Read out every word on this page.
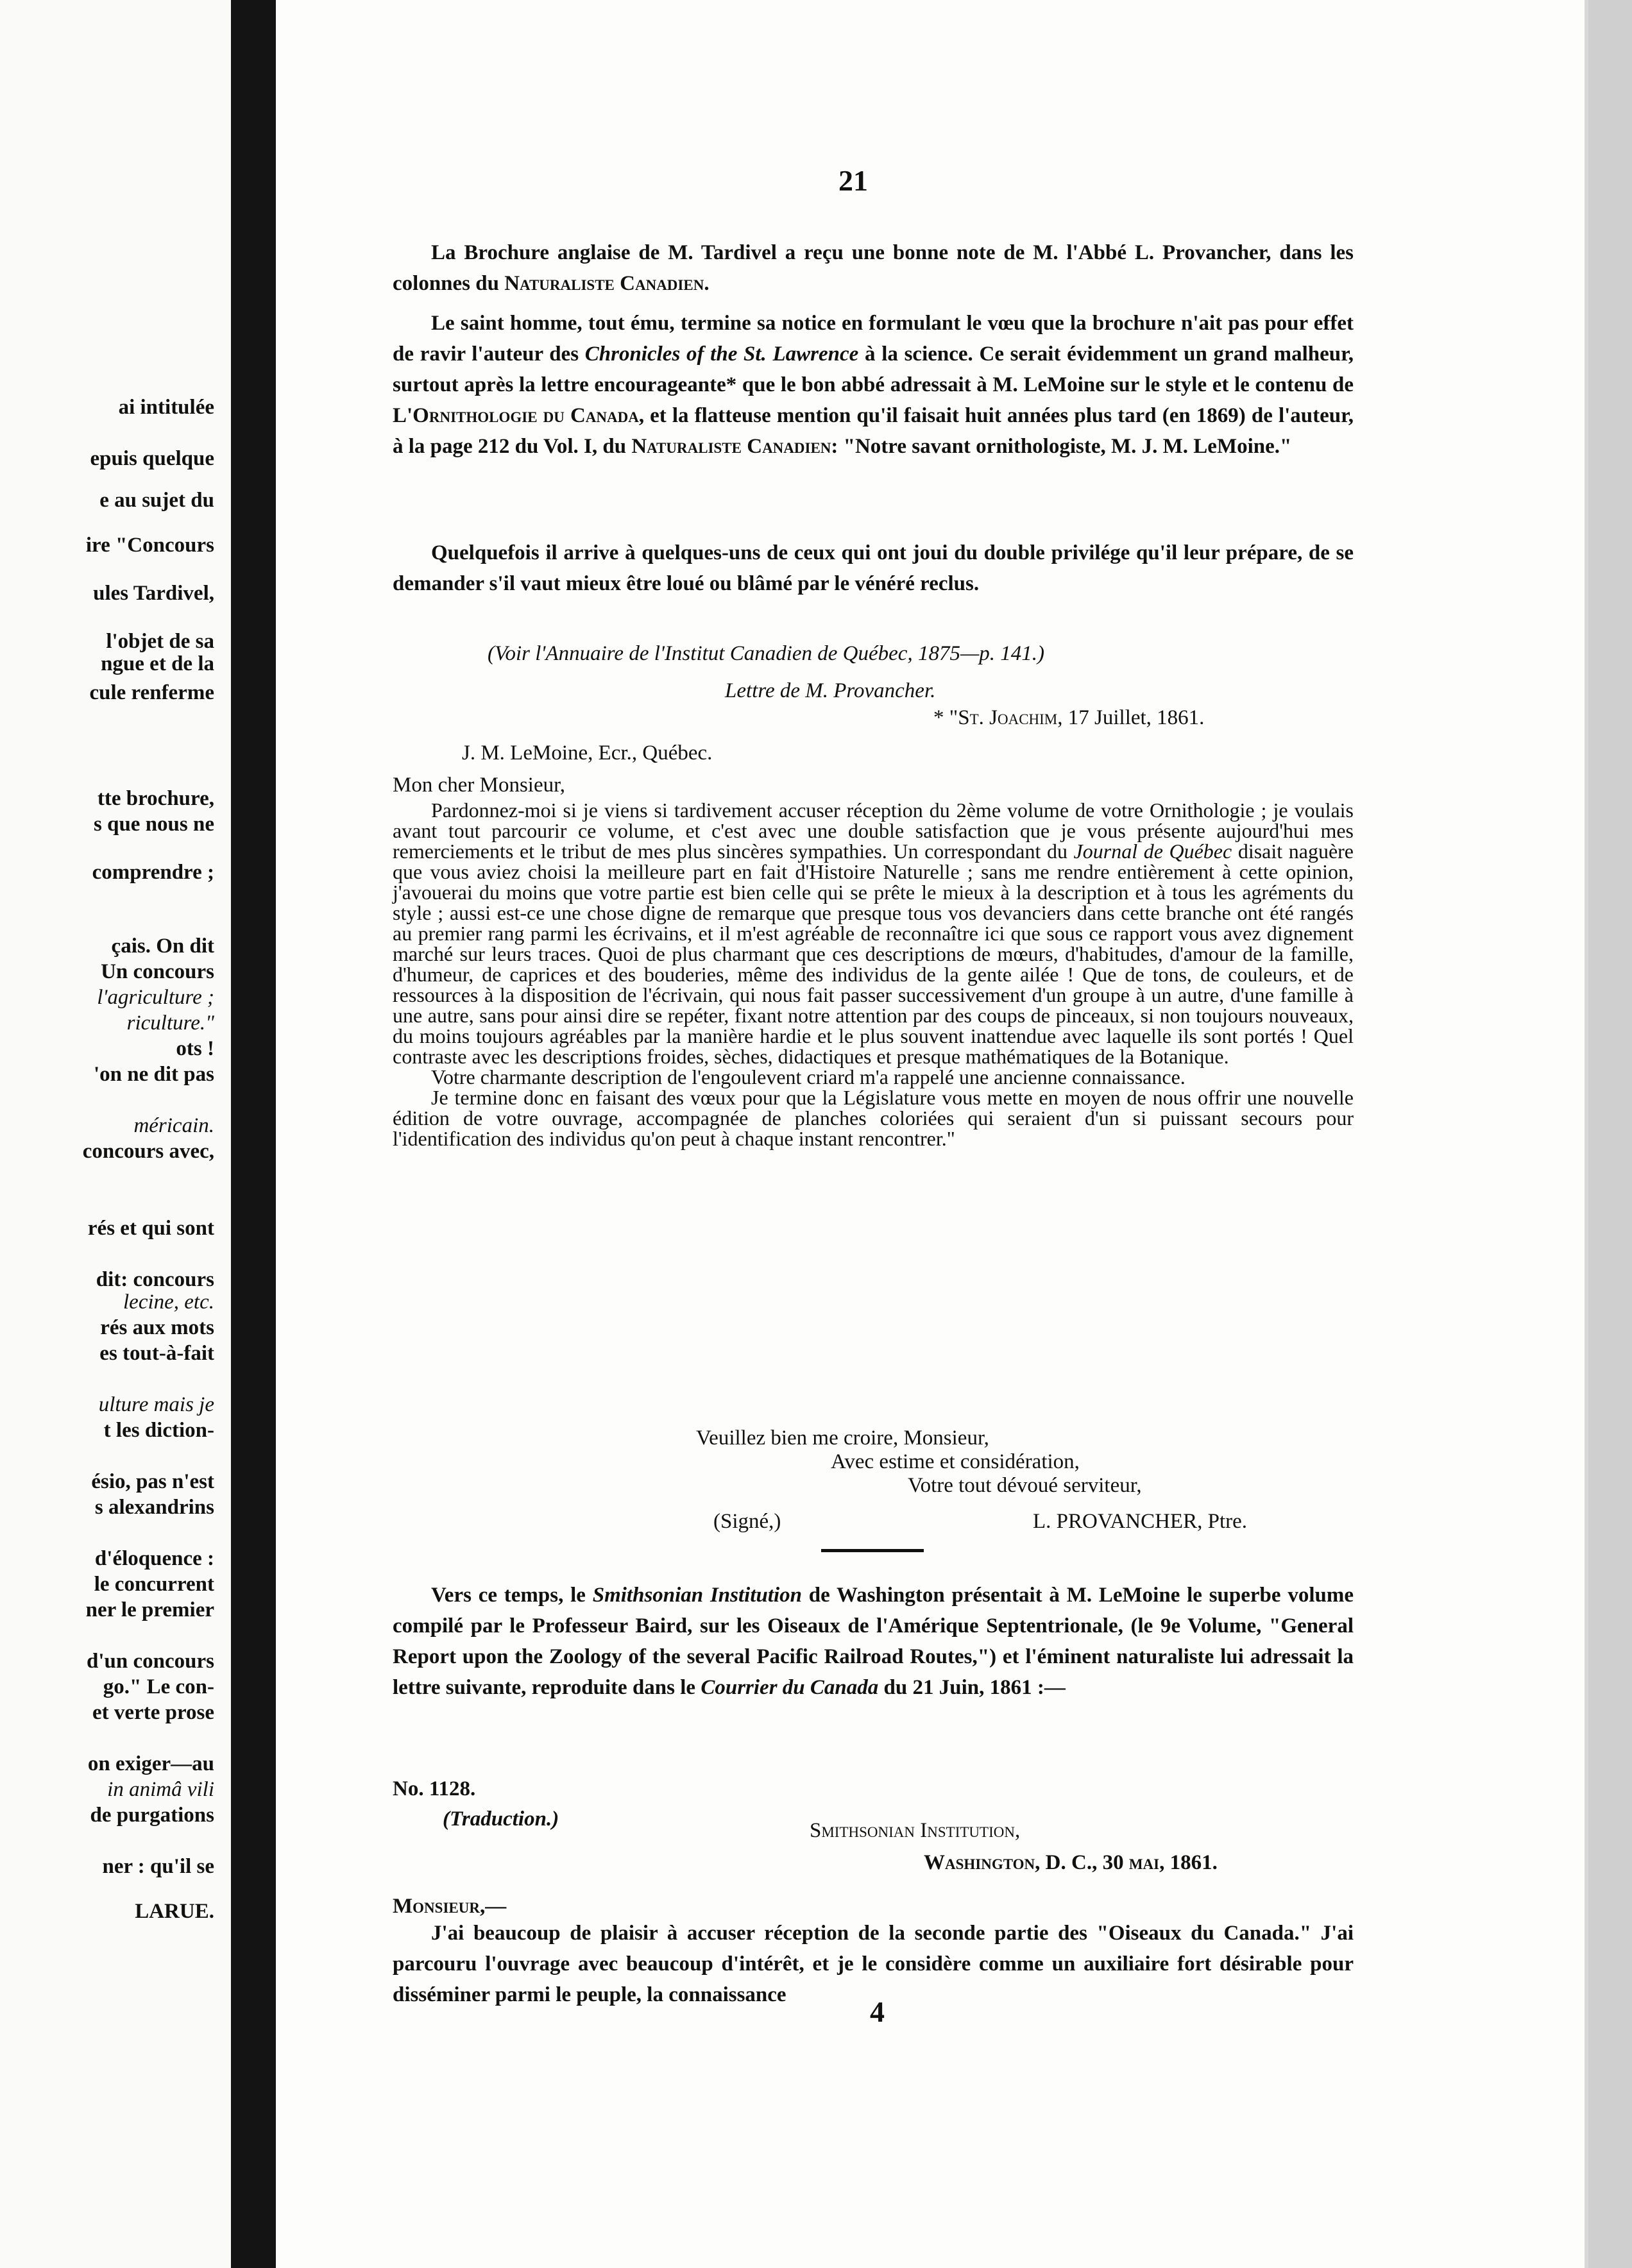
ai intitulée
epuis quelque
e au sujet du
ire "Concours
ules Tardivel,
l'objet de sa
ngue et de la
cule renferme
tte brochure,
s que nous ne
comprendre ;
çais. On dit
Un concours
l'agriculture ;
riculture."
ots !
'on ne dit pas
méricain.
concours avec,
rés et qui sont
dit: concours
lecine, etc.
rés aux mots
es tout-à-fait
ulture mais je
t les diction-
ésio, pas n'est
s alexandrins
d'éloquence :
le concurrent
ner le premier
d'un concours
go." Le con-
et verte prose
on exiger—au
in animâ vili
de purgations
ner : qu'il se
LARUE.
21
La Brochure anglaise de M. Tardivel a reçu une bonne note de M. l'Abbé L. Provancher, dans les colonnes du Naturaliste Canadien.
Le saint homme, tout ému, termine sa notice en formulant le vœu que la brochure n'ait pas pour effet de ravir l'auteur des Chronicles of the St. Lawrence à la science. Ce serait évidemment un grand malheur, surtout après la lettre encourageante* que le bon abbé adressait à M. LeMoine sur le style et le contenu de L'Ornithologie du Canada, et la flatteuse mention qu'il faisait huit années plus tard (en 1869) de l'auteur, à la page 212 du Vol. I, du Naturaliste Canadien: "Notre savant ornithologiste, M. J. M. LeMoine."
Quelquefois il arrive à quelques-uns de ceux qui ont joui du double privilége qu'il leur prépare, de se demander s'il vaut mieux être loué ou blâmé par le vénéré reclus.
(Voir l'Annuaire de l'Institut Canadien de Québec, 1875—p. 141.)
Lettre de M. Provancher.
* "St. Joachim, 17 Juillet, 1861.
J. M. LeMoine, Ecr., Québec.
Mon cher Monsieur,

Pardonnez-moi si je viens si tardivement accuser réception du 2ème volume de votre Ornithologie ; je voulais avant tout parcourir ce volume, et c'est avec une double satisfaction que je vous présente aujourd'hui mes remerciements et le tribut de mes plus sincères sympathies. Un correspondant du Journal de Québec disait naguère que vous aviez choisi la meilleure part en fait d'Histoire Naturelle ; sans me rendre entièrement à cette opinion, j'avouerai du moins que votre partie est bien celle qui se prête le mieux à la description et à tous les agréments du style ; aussi est-ce une chose digne de remarque que presque tous vos devanciers dans cette branche ont été rangés au premier rang parmi les écrivains, et il m'est agréable de reconnaître ici que sous ce rapport vous avez dignement marché sur leurs traces. Quoi de plus charmant que ces descriptions de mœurs, d'habitudes, d'amour de la famille, d'humeur, de caprices et des bouderies, même des individus de la gente ailée ! Que de tons, de couleurs, et de ressources à la disposition de l'écrivain, qui nous fait passer successivement d'un groupe à un autre, d'une famille à une autre, sans pour ainsi dire se repéter, fixant notre attention par des coups de pinceaux, si non toujours nouveaux, du moins toujours agréables par la manière hardie et le plus souvent inattendue avec laquelle ils sont portés ! Quel contraste avec les descriptions froides, sèches, didactiques et presque mathématiques de la Botanique.

Votre charmante description de l'engoulevent criard m'a rappelé une ancienne connaissance.

Je termine donc en faisant des vœux pour que la Législature vous mette en moyen de nous offrir une nouvelle édition de votre ouvrage, accompagnée de planches coloriées qui seraient d'un si puissant secours pour l'identification des individus qu'on peut à chaque instant rencontrer."

Veuillez bien me croire, Monsieur,
Avec estime et considération,
Votre tout dévoué serviteur,
(Signé,)	L. PROVANCHER, Ptre.
Vers ce temps, le Smithsonian Institution de Washington présentait à M. LeMoine le superbe volume compilé par le Professeur Baird, sur les Oiseaux de l'Amérique Septentrionale, (le 9e Volume, "General Report upon the Zoology of the several Pacific Railroad Routes,") et l'éminent naturaliste lui adressait la lettre suivante, reproduite dans le Courrier du Canada du 21 Juin, 1861 :—
No. 1128.
(Traduction.)	Smithsonian Institution,
Washington, D. C., 30 mai, 1861.
Monsieur,—
J'ai beaucoup de plaisir à accuser réception de la seconde partie des "Oiseaux du Canada." J'ai parcouru l'ouvrage avec beaucoup d'intérêt, et je le considère comme un auxiliaire fort désirable pour disséminer parmi le peuple, la connaissance
4
